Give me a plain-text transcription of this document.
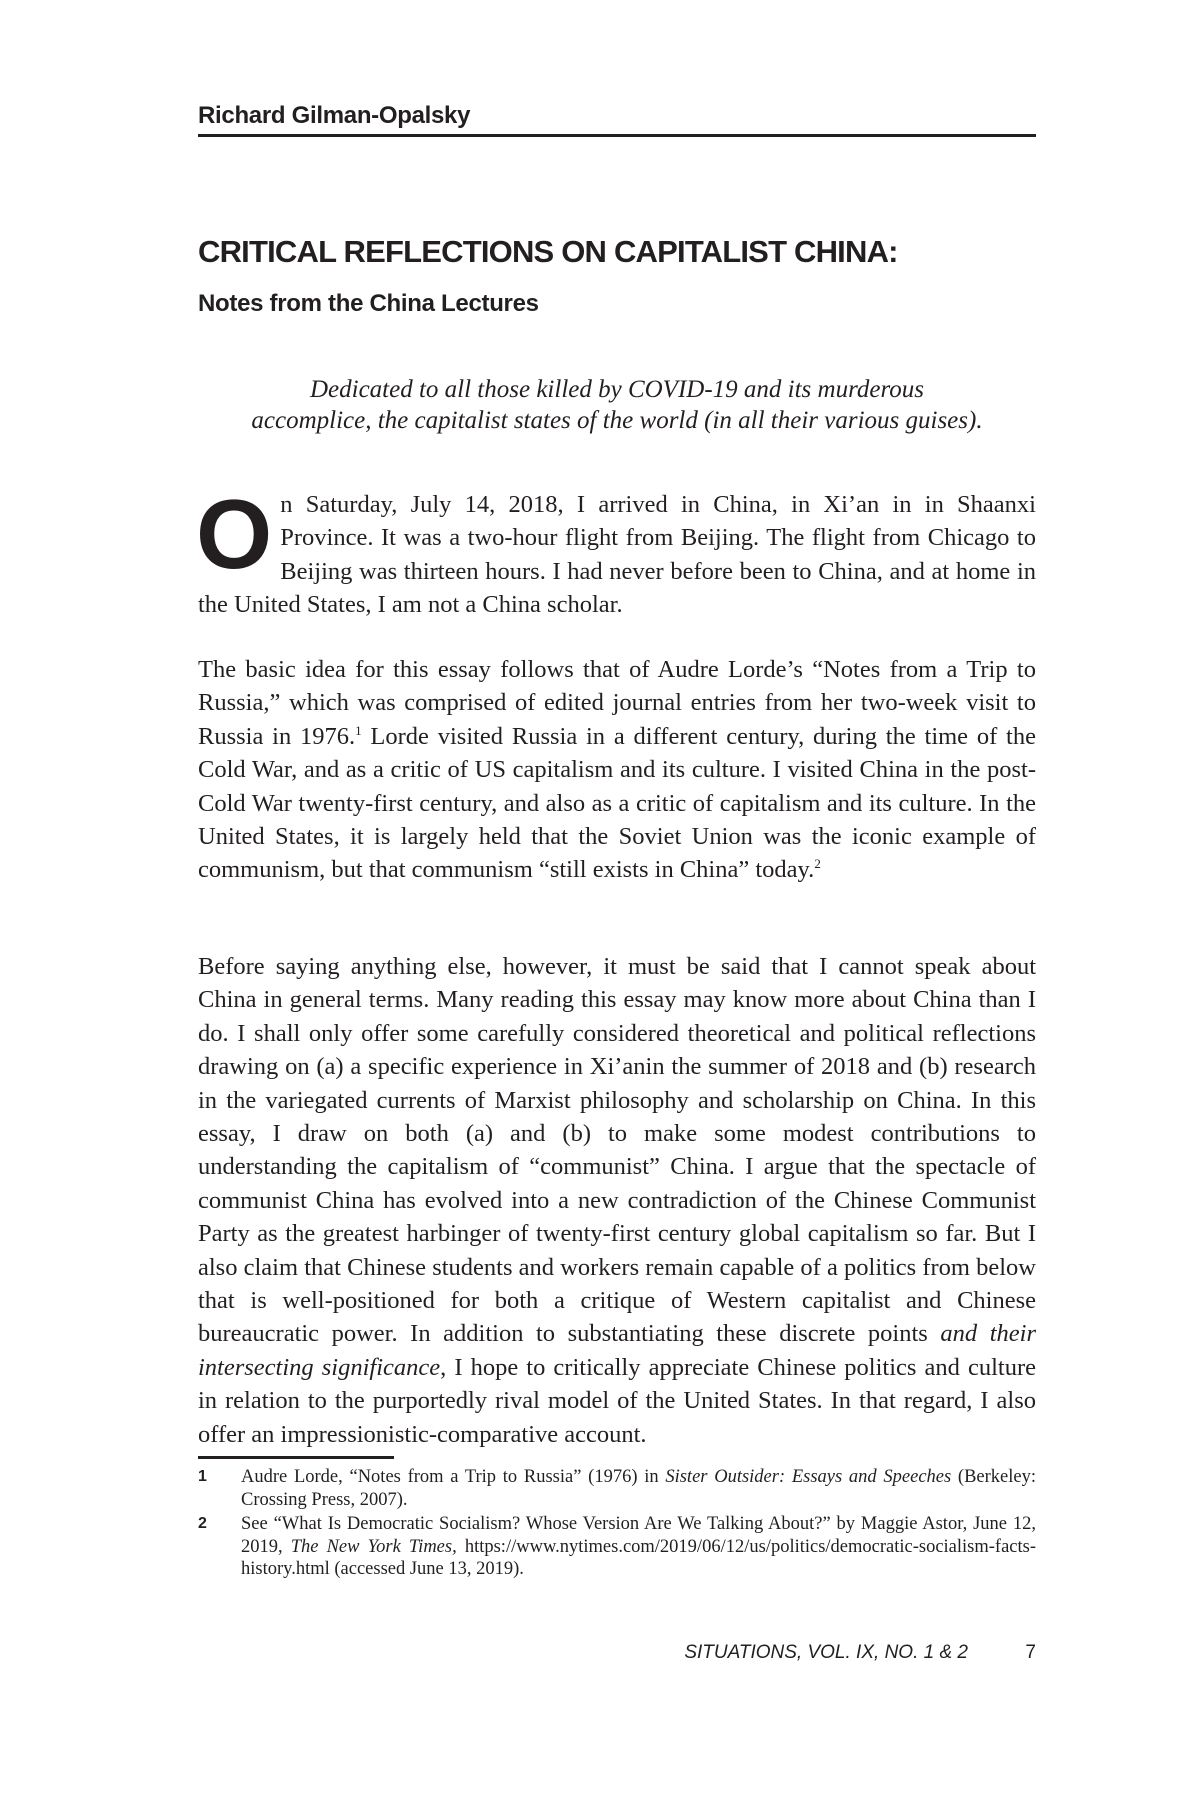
Richard Gilman-Opalsky
CRITICAL REFLECTIONS ON CAPITALIST CHINA:
Notes from the China Lectures
Dedicated to all those killed by COVID-19 and its murderous
accomplice, the capitalist states of the world (in all their various guises).

On Saturday, July 14, 2018, I arrived in China, in Xi’an in in Shaanxi Province. It was a two-hour flight from Beijing. The flight from Chicago to Beijing was thirteen hours. I had never before been to China, and at home in the United States, I am not a China scholar.

The basic idea for this essay follows that of Audre Lorde’s “Notes from a Trip to Russia,” which was comprised of edited journal entries from her two-week visit to Russia in 1976.$^1$ Lorde visited Russia in a different century, during the time of the Cold War, and as a critic of US capitalism and its culture. I visited China in the post-Cold War twenty-first century, and also as a critic of capitalism and its culture. In the United States, it is largely held that the Soviet Union was the iconic example of communism, but that communism “still exists in China” today.$^2$

Before saying anything else, however, it must be said that I cannot speak about China in general terms. Many reading this essay may know more about China than I do. I shall only offer some carefully considered theoretical and political reflections drawing on (a) a specific experience in Xi’anin the summer of 2018 and (b) research in the variegated currents of Marxist philosophy and scholarship on China. In this essay, I draw on both (a) and (b) to make some modest contributions to understanding the capitalism of “communist” China. I argue that the spectacle of communist China has evolved into a new contradiction of the Chinese Communist Party as the greatest harbinger of twenty-first century global capitalism so far. But I also claim that Chinese students and workers remain capable of a politics from below that is well-positioned for both a critique of Western capitalist and Chinese bureaucratic power. In addition to substantiating these discrete points and their intersecting significance, I hope to critically appreciate Chinese politics and culture in relation to the purportedly rival model of the United States. In that regard, I also offer an impressionistic-comparative account.

1	Audre Lorde, “Notes from a Trip to Russia” (1976) in Sister Outsider: Essays and Speeches (Berkeley: Crossing Press, 2007).
2	See “What Is Democratic Socialism? Whose Version Are We Talking About?” by Maggie Astor, June 12, 2019, The New York Times, https://www.nytimes.com/2019/06/12/us/politics/democratic-socialism-facts-history.html (accessed June 13, 2019).
SITUATIONS, VOL. IX, NO. 1 & 2	7
